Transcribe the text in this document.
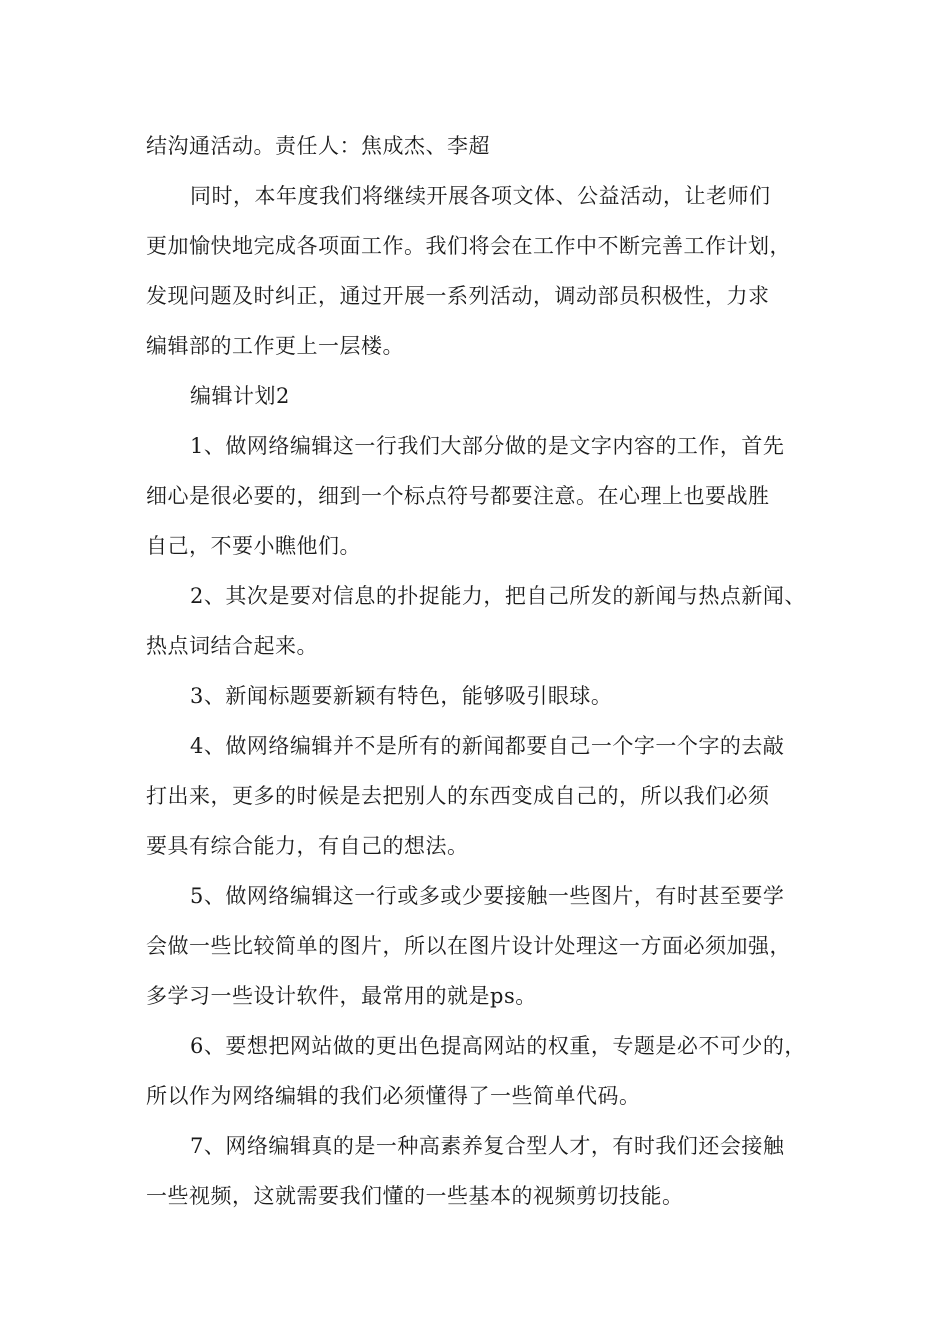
结沟通活动。责任人：焦成杰、李超
同时，本年度我们将继续开展各项文体、公益活动，让老师们
更加愉快地完成各项面工作。我们将会在工作中不断完善工作计划，
发现问题及时纠正，通过开展一系列活动，调动部员积极性，力求
编辑部的工作更上一层楼。
编辑计划2
1、做网络编辑这一行我们大部分做的是文字内容的工作，首先
细心是很必要的，细到一个标点符号都要注意。在心理上也要战胜
自己，不要小瞧他们。
2、其次是要对信息的扑捉能力，把自己所发的新闻与热点新闻、
热点词结合起来。
3、新闻标题要新颖有特色，能够吸引眼球。
4、做网络编辑并不是所有的新闻都要自己一个字一个字的去敲
打出来，更多的时候是去把别人的东西变成自己的，所以我们必须
要具有综合能力，有自己的想法。
5、做网络编辑这一行或多或少要接触一些图片，有时甚至要学
会做一些比较简单的图片，所以在图片设计处理这一方面必须加强，
多学习一些设计软件，最常用的就是ps。
6、要想把网站做的更出色提高网站的权重，专题是必不可少的，
所以作为网络编辑的我们必须懂得了一些简单代码。
7、网络编辑真的是一种高素养复合型人才，有时我们还会接触
一些视频，这就需要我们懂的一些基本的视频剪切技能。
